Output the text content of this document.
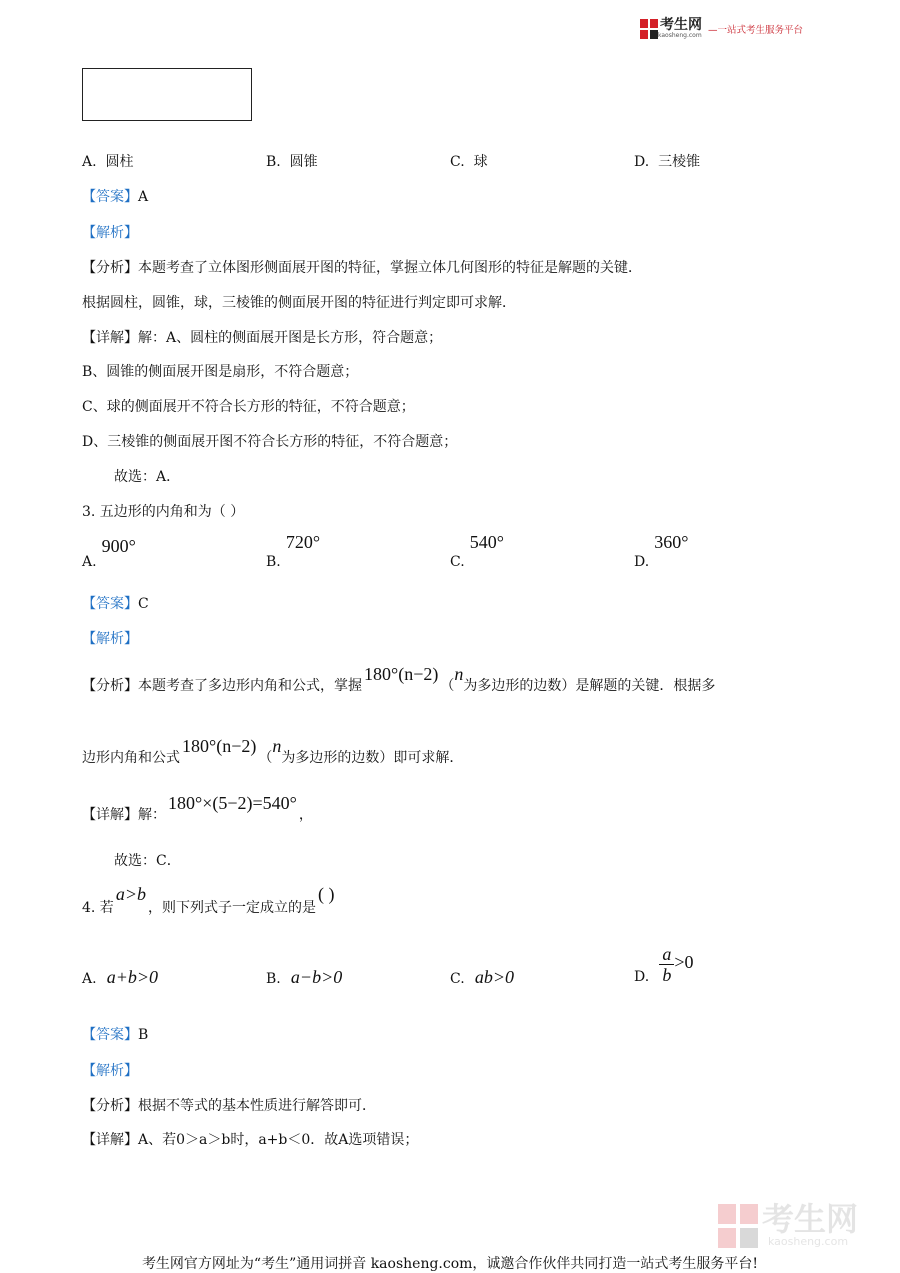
考生网
kaosheng.com —一站式考生服务平台
A. 圆柱	B. 圆锥	C. 球	D. 三棱锥
【答案】A
【解析】
【分析】本题考查了立体图形侧面展开图的特征，掌握立体几何图形的特征是解题的关键．
根据圆柱，圆锥，球，三棱锥的侧面展开图的特征进行判定即可求解．
【详解】解：A、圆柱的侧面展开图是长方形，符合题意；
B、圆锥的侧面展开图是扇形，不符合题意；
C、球的侧面展开不符合长方形的特征，不符合题意；
D、三棱锥的侧面展开图不符合长方形的特征，不符合题意；
故选：A．
3. 五边形的内角和为（ ）
A. 900°
B. 720°
C. 540°
D. 360°
【答案】C
【解析】
【分析】本题考查了多边形内角和公式，掌握180°(n−2)（n为多边形的边数）是解题的关键．根据多
边形内角和公式180°(n−2)（n为多边形的边数）即可求解．
【详解】解：180°×(5−2)=540°，
故选：C．
4. 若a>b，则下列式子一定成立的是( )
A. a+b>0	B. a−b>0	C. ab>0	D.
$\frac{a}{b} >0$
【答案】B
【解析】
【分析】根据不等式的基本性质进行解答即可．
【详解】A、若0＞a＞b时，a+b＜0．故A选项错误；
考生网
kaosheng.com
考生网官方网址为“考生”通用词拼音 kaosheng.com，诚邀合作伙伴共同打造一站式考生服务平台!
